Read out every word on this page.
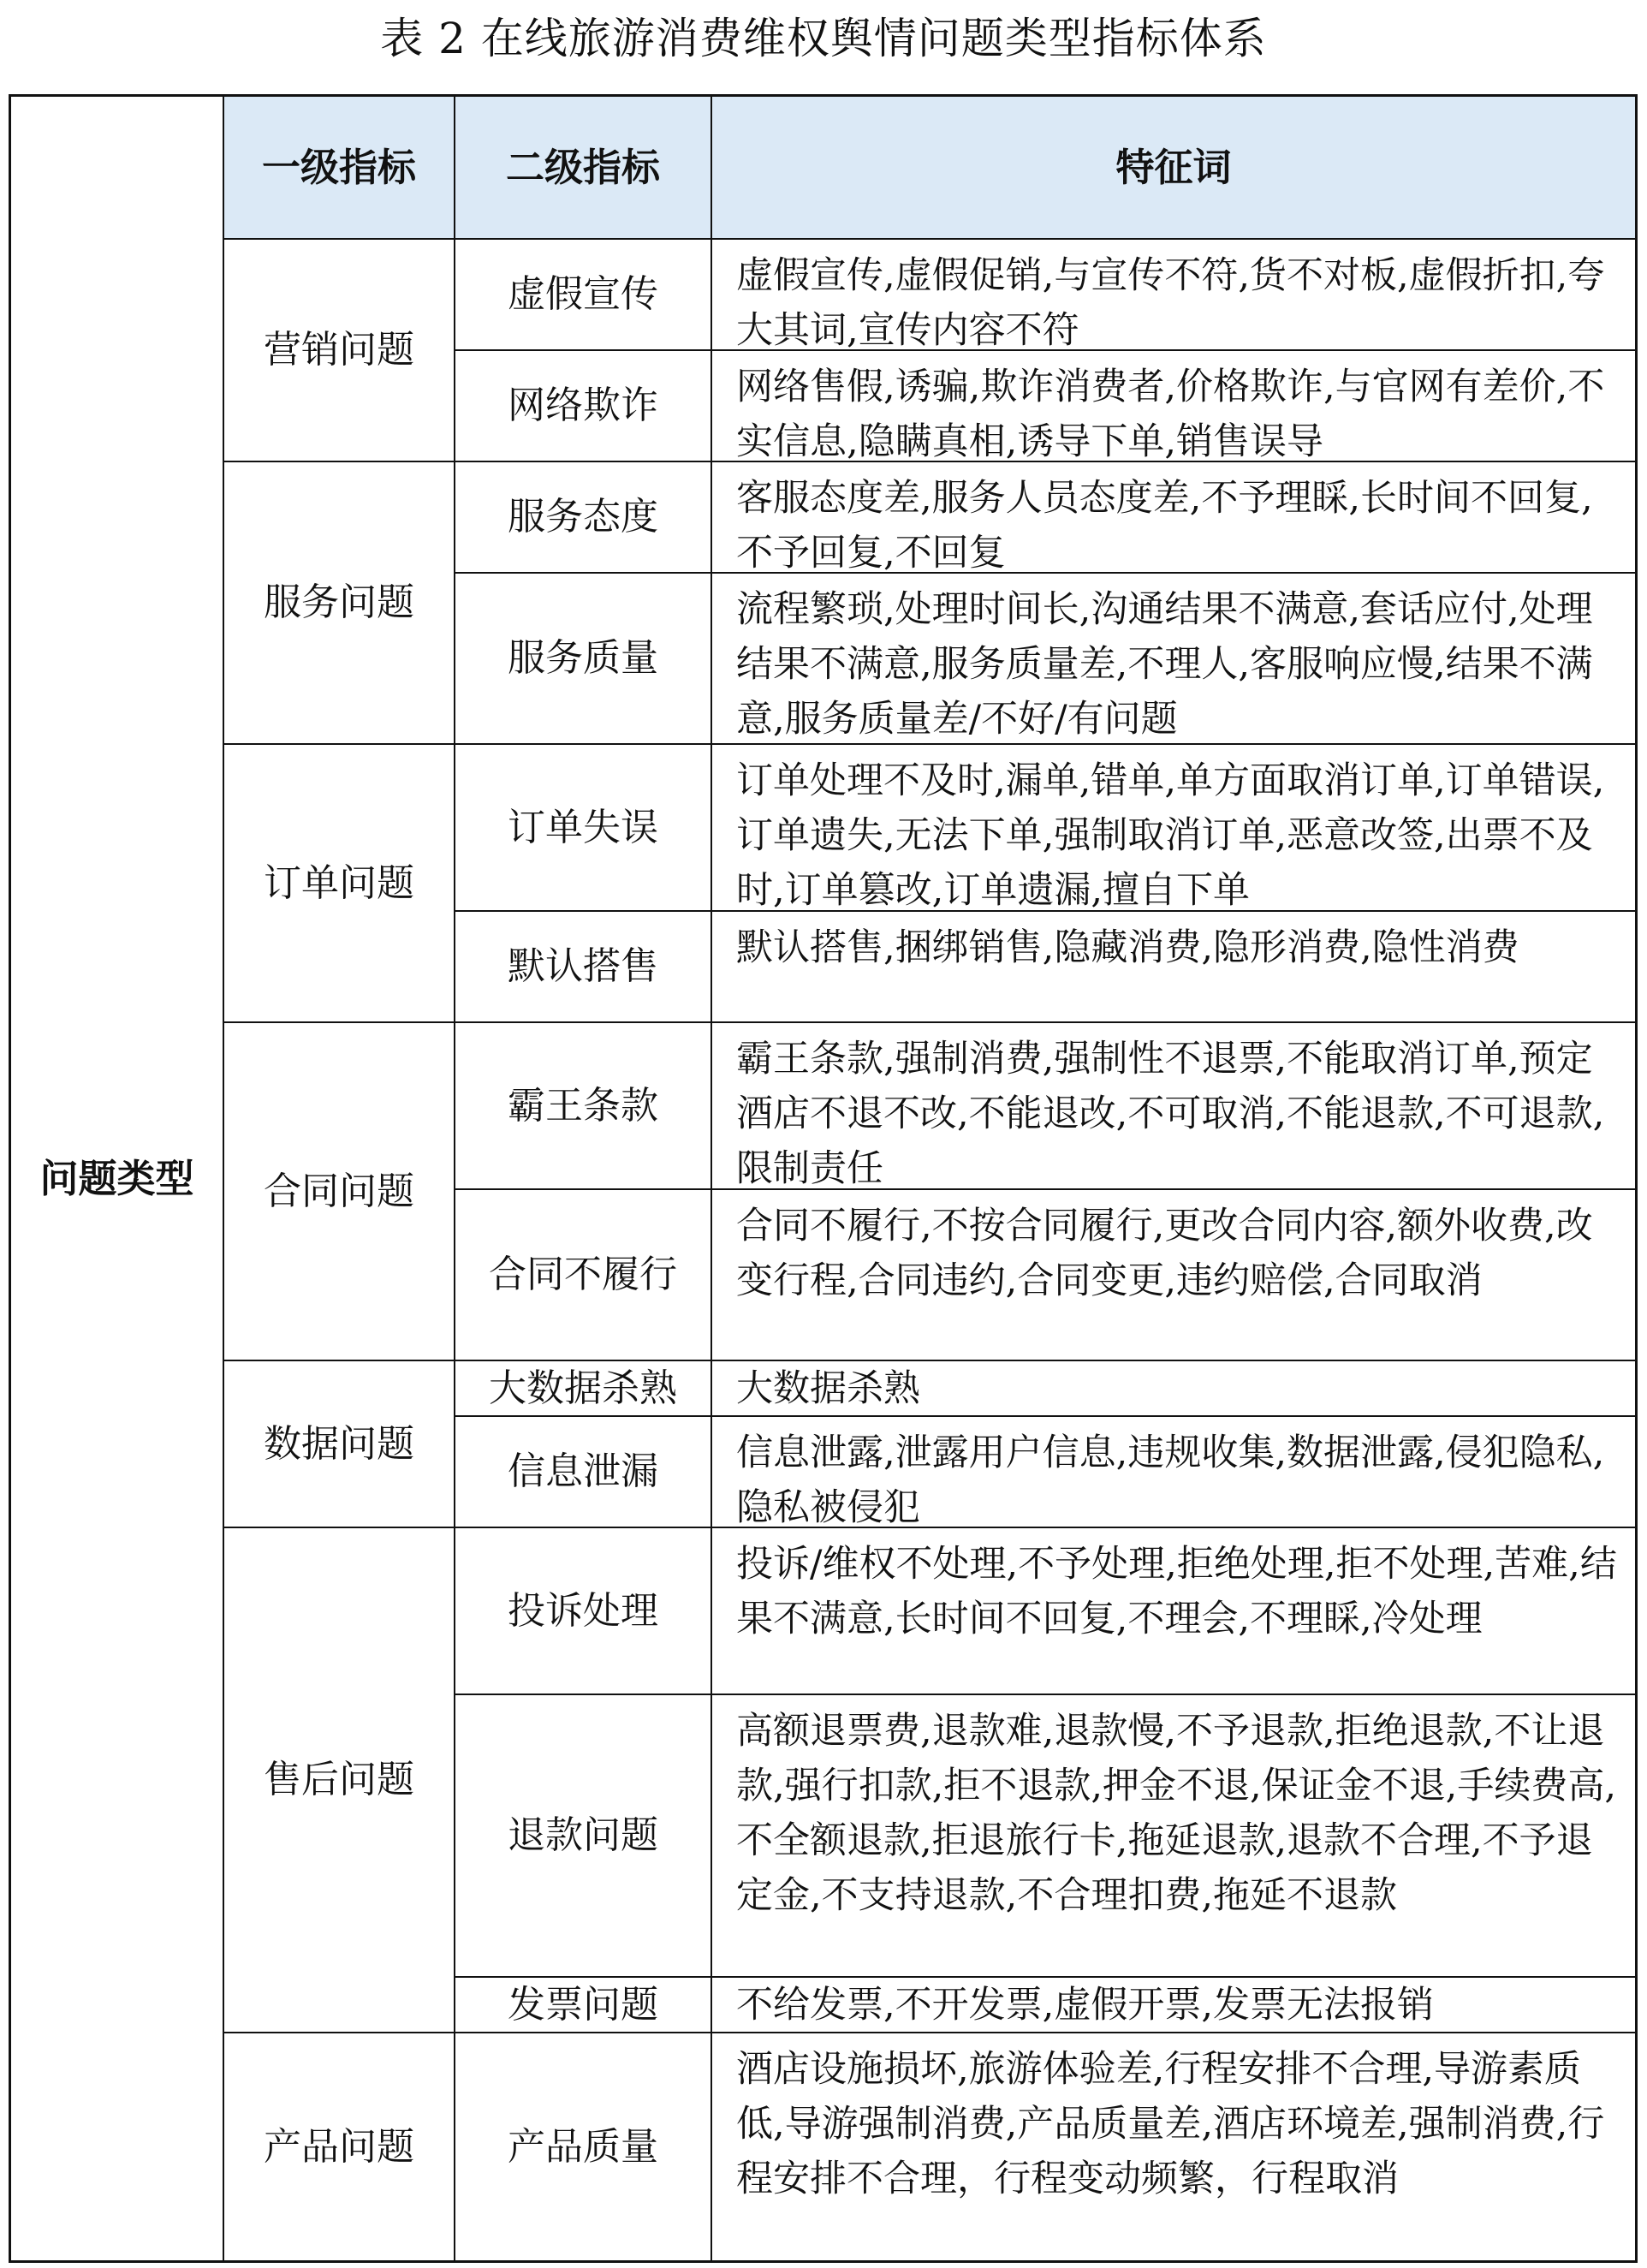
表 2 在线旅游消费维权舆情问题类型指标体系
问题类型
一级指标 二级指标	特征词
营销问题
服务问题
订单问题
合同问题
数据问题
售后问题
产品问题
虚假宣传 虚假宣传,虚假促销,与宣传不符,货不对板,虚假折扣,夸大其词,宣传内容不符
网络欺诈 网络售假,诱骗,欺诈消费者,价格欺诈,与官网有差价,不实信息,隐瞒真相,诱导下单,销售误导
服务态度 客服态度差,服务人员态度差,不予理睬,长时间不回复,不予回复,不回复
服务质量
流程繁琐,处理时间长,沟通结果不满意,套话应付,处理结果不满意,服务质量差,不理人,客服响应慢,结果不满意,服务质量差/不好/有问题
订单失误
订单处理不及时,漏单,错单,单方面取消订单,订单错误,订单遗失,无法下单,强制取消订单,恶意改签,出票不及时,订单篡改,订单遗漏,擅自下单
默认搭售 默认搭售,捆绑销售,隐藏消费,隐形消费,隐性消费
霸王条款
霸王条款,强制消费,强制性不退票,不能取消订单,预定酒店不退不改,不能退改,不可取消,不能退款,不可退款,限制责任
合同不履行
合同不履行,不按合同履行,更改合同内容,额外收费,改变行程,合同违约,合同变更,违约赔偿,合同取消
大数据杀熟 大数据杀熟
信息泄漏 信息泄露,泄露用户信息,违规收集,数据泄露,侵犯隐私,隐私被侵犯
投诉处理
投诉/维权不处理,不予处理,拒绝处理,拒不处理,苦难,结果不满意,长时间不回复,不理会,不理睬,冷处理
退款问题
高额退票费,退款难,退款慢,不予退款,拒绝退款,不让退款,强行扣款,拒不退款,押金不退,保证金不退,手续费高,不全额退款,拒退旅行卡,拖延退款,退款不合理,不予退定金,不支持退款,不合理扣费,拖延不退款
发票问题 不给发票,不开发票,虚假开票,发票无法报销
产品质量
酒店设施损坏,旅游体验差,行程安排不合理,导游素质低,导游强制消费,产品质量差,酒店环境差,强制消费,行程安排不合理，行程变动频繁，行程取消
